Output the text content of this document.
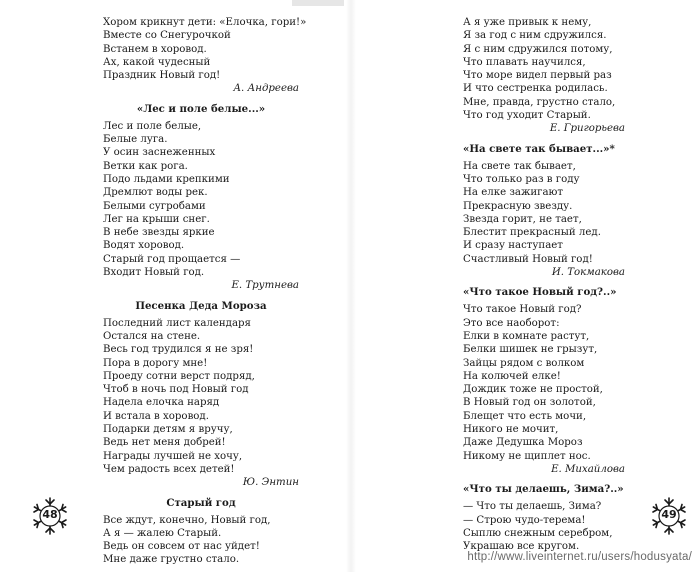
Хором крикнут дети: «Елочка, гори!»
Вместе со Снегурочкой
Встанем в хоровод.
Ах, какой чудесный
Праздник Новый год!
А. Андреева
«Лес и поле белые...»
Лес и поле белые,
Белые луга.
У осин заснеженных
Ветки как рога.
Подо льдами крепкими
Дремлют воды рек.
Белыми сугробами
Лег на крыши снег.
В небе звезды яркие
Водят хоровод.
Старый год прощается —
Входит Новый год.
Е. Трутнева
Песенка Деда Мороза
Последний лист календаря
Остался на стене.
Весь год трудился я не зря!
Пора в дорогу мне!
Проеду сотни верст подряд,
Чтоб в ночь под Новый год
Надела елочка наряд
И встала в хоровод.
Подарки детям я вручу,
Ведь нет меня добрей!
Награды лучшей не хочу,
Чем радость всех детей!
Ю. Энтин
Старый год
Все ждут, конечно, Новый год,
А я — жалею Старый.
Ведь он совсем от нас уйдет!
Мне даже грустно стало.
А я уже привык к нему,
Я за год с ним сдружился.
Я с ним сдружился потому,
Что плавать научился,
Что море видел первый раз
И что сестренка родилась.
Мне, правда, грустно стало,
Что год уходит Старый.
Е. Григорьева
«На свете так бывает...»*
На свете так бывает,
Что только раз в году
На елке зажигают
Прекрасную звезду.
Звезда горит, не тает,
Блестит прекрасный лед.
И сразу наступает
Счастливый Новый год!
И. Токмакова
«Что такое Новый год?..»
Что такое Новый год?
Это все наоборот:
Елки в комнате растут,
Белки шишек не грызут,
Зайцы рядом с волком
На колючей елке!
Дождик тоже не простой,
В Новый год он золотой,
Блещет что есть мочи,
Никого не мочит,
Даже Дедушка Мороз
Никому не щиплет нос.
Е. Михайлова
«Что ты делаешь, Зима?..»
— Что ты делаешь, Зима?
— Строю чудо-терема!
Сыплю снежным серебром,
Украшаю все кругом.
48	49
http://www.liveinternet.ru/users/hodusyata/
